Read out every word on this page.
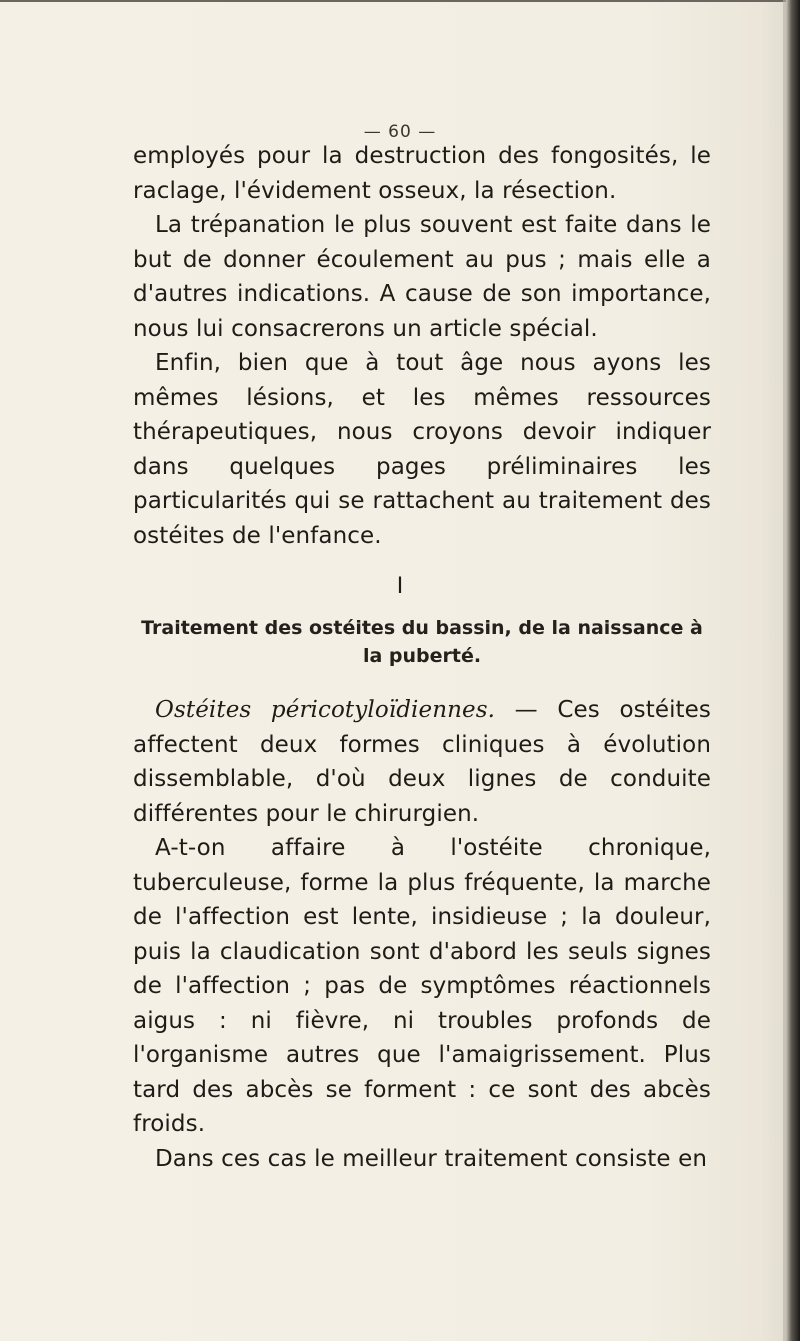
— 60 —

employés pour la destruction des fongosités, le raclage, l'évidement osseux, la résection.

La trépanation le plus souvent est faite dans le but de donner écoulement au pus ; mais elle a d'autres indications. A cause de son importance, nous lui consacrerons un article spécial.

Enfin, bien que à tout âge nous ayons les mêmes lésions, et les mêmes ressources thérapeutiques, nous croyons devoir indiquer dans quelques pages préliminaires les particularités qui se rattachent au traitement des ostéites de l'enfance.

I
Traitement des ostéites du bassin, de la naissance à la puberté.

Ostéites péricotyloïdiennes. — Ces ostéites affectent deux formes cliniques à évolution dissemblable, d'où deux lignes de conduite différentes pour le chirurgien.

A-t-on affaire à l'ostéite chronique, tuberculeuse, forme la plus fréquente, la marche de l'affection est lente, insidieuse ; la douleur, puis la claudication sont d'abord les seuls signes de l'affection ; pas de symptômes réactionnels aigus : ni fièvre, ni troubles profonds de l'organisme autres que l'amaigrissement. Plus tard des abcès se forment : ce sont des abcès froids.

Dans ces cas le meilleur traitement consiste en
